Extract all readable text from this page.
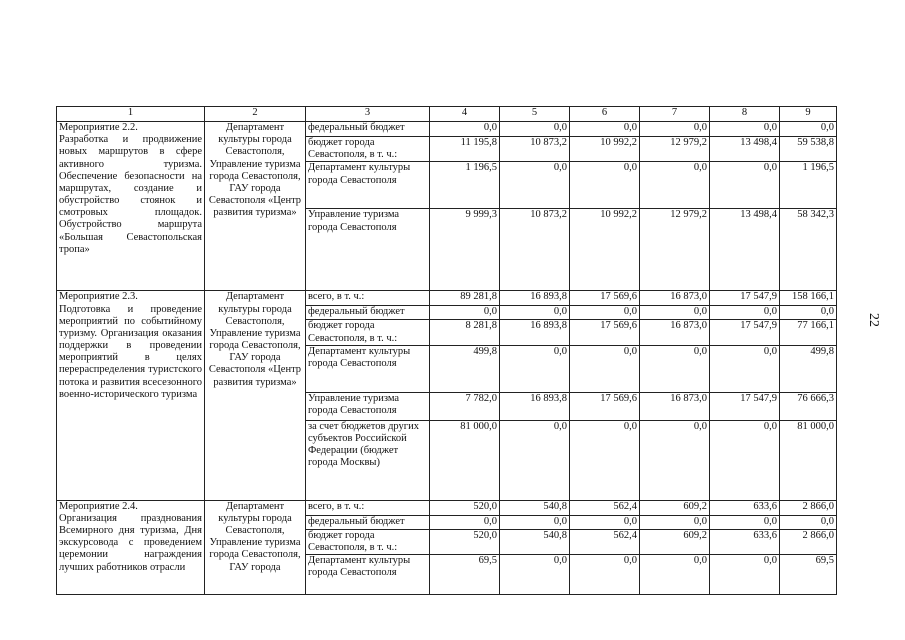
1	2	3	4	5	6	7	8	9

Мероприятие 2.2.
Разработка и продвижение новых маршрутов в сфере активного туризма. Обеспечение безопасности на маршрутах, создание и обустройство стоянок и смотровых площадок. Обустройство маршрута «Большая Севастопольская тропа»	Департамент культуры города Севастополя, Управление туризма города Севастополя, ГАУ города Севастополя «Центр развития туризма»	федеральный бюджет	0,0	0,0	0,0	0,0	0,0	0,0
		бюджет города Севастополя, в т. ч.:	11 195,8	10 873,2	10 992,2	12 979,2	13 498,4	59 538,8
		Департамент культуры города Севастополя	1 196,5	0,0	0,0	0,0	0,0	1 196,5
		Управление туризма города Севастополя	9 999,3	10 873,2	10 992,2	12 979,2	13 498,4	58 342,3

Мероприятие 2.3.
Подготовка и проведение мероприятий по событийному туризму. Организация оказания поддержки в проведении мероприятий в целях перераспределения туристского потока и развития всесезонного военно-исторического туризма	Департамент культуры города Севастополя, Управление туризма города Севастополя, ГАУ города Севастополя «Центр развития туризма»	всего, в т. ч.:	89 281,8	16 893,8	17 569,6	16 873,0	17 547,9	158 166,1
		федеральный бюджет	0,0	0,0	0,0	0,0	0,0	0,0
		бюджет города Севастополя, в т. ч.:	8 281,8	16 893,8	17 569,6	16 873,0	17 547,9	77 166,1
		Департамент культуры города Севастополя	499,8	0,0	0,0	0,0	0,0	499,8
		Управление туризма города Севастополя	7 782,0	16 893,8	17 569,6	16 873,0	17 547,9	76 666,3
		за счет бюджетов других субъектов Российской Федерации (бюджет города Москвы)	81 000,0	0,0	0,0	0,0	0,0	81 000,0

Мероприятие 2.4.
Организация празднования Всемирного дня туризма, Дня экскурсовода с проведением церемонии награждения лучших работников отрасли	Департамент культуры города Севастополя, Управление туризма города Севастополя, ГАУ города	всего, в т. ч.:	520,0	540,8	562,4	609,2	633,6	2 866,0
		федеральный бюджет	0,0	0,0	0,0	0,0	0,0	0,0
		бюджет города Севастополя, в т. ч.:	520,0	540,8	562,4	609,2	633,6	2 866,0
		Департамент культуры города Севастополя	69,5	0,0	0,0	0,0	0,0	69,5
22
